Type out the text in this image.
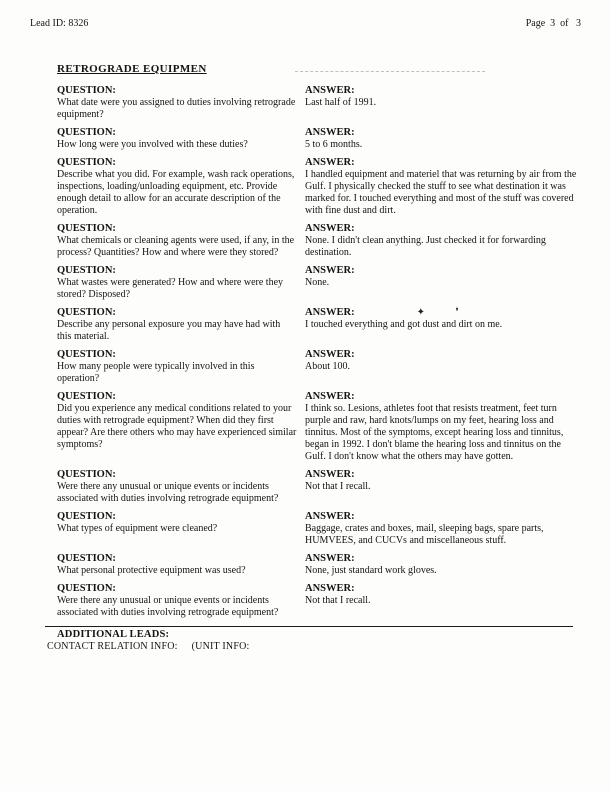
Lead ID: 8326	Page  3  of   3
RETROGRADE EQUIPMEN
QUESTION:
What date were you assigned to duties involving retrograde equipment?
ANSWER:
Last half of 1991.
QUESTION:
How long were you involved with these duties?
ANSWER:
5 to 6 months.
QUESTION:
Describe what you did. For example, wash rack operations, inspections, loading/unloading equipment, etc. Provide enough detail to allow for an accurate description of the operation.
ANSWER:
I handled equipment and materiel that was returning by air from the Gulf. I physically checked the stuff to see what destination it was marked for. I touched everything and most of the stuff was covered with fine dust and dirt.
QUESTION:
What chemicals or cleaning agents were used, if any, in the process? Quantities? How and where were they stored?
ANSWER:
None. I didn't clean anything. Just checked it for forwarding destination.
QUESTION:
What wastes were generated? How and where were they stored? Disposed?
ANSWER:
None.
QUESTION:
Describe any personal exposure you may have had with this material.
ANSWER:	✦ ❜
I touched everything and got dust and dirt on me.
QUESTION:
How many people were typically involved in this operation?
ANSWER:
About 100.
QUESTION:
Did you experience any medical conditions related to your duties with retrograde equipment? When did they first appear? Are there others who may have experienced similar symptoms?
ANSWER:
I think so. Lesions, athletes foot that resists treatment, feet turn purple and raw, hard knots/lumps on my feet, hearing loss and tinnitus. Most of the symptoms, except hearing loss and tinnitus, began in 1992. I don't blame the hearing loss and tinnitus on the Gulf. I don't know what the others may have gotten.
QUESTION:
Were there any unusual or unique events or incidents associated with duties involving retrograde equipment?
ANSWER:
Not that I recall.
QUESTION:
What types of equipment were cleaned?
ANSWER:
Baggage, crates and boxes, mail, sleeping bags, spare parts, HUMVEES, and CUCVs and miscellaneous stuff.
QUESTION:
What personal protective equipment was used?
ANSWER:
None, just standard work gloves.
QUESTION:
Were there any unusual or unique events or incidents associated with duties involving retrograde equipment?
ANSWER:
Not that I recall.
ADDITIONAL LEADS:
CONTACT RELATION INFO: (UNIT INFO:
